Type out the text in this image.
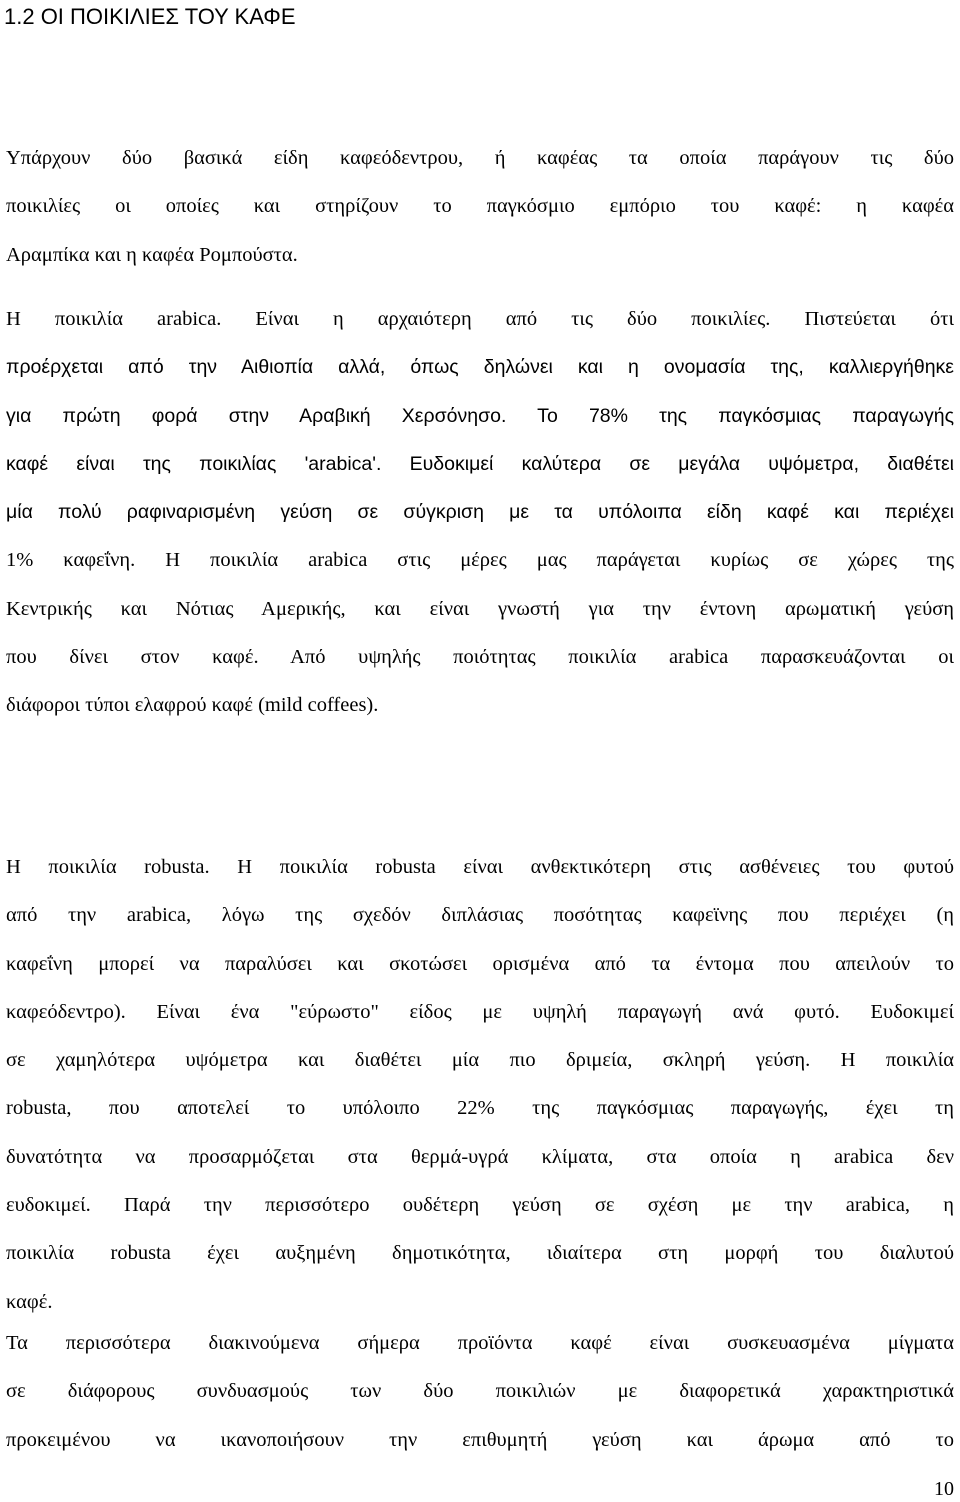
1.2 ΟΙ ΠΟΙΚΙΛΙΕΣ ΤΟΥ ΚΑΦΕ
Υπάρχουν δύο βασικά είδη καφεόδεντρου, ή καφέας τα οποία παράγουν τις δύο
ποικιλίες οι οποίες και στηρίζουν το παγκόσμιο εμπόριο του καφέ: η καφέα
Αραμπίκα και η καφέα Ρομπούστα.
Η ποικιλία arabica. Είναι η αρχαιότερη από τις δύο ποικιλίες. Πιστεύεται ότι
προέρχεται από την Αιθιοπία αλλά, όπως δηλώνει και η ονομασία της, καλλιεργήθηκε
για πρώτη φορά στην Αραβική Χερσόνησο. Το 78% της παγκόσμιας παραγωγής
καφέ είναι της ποικιλίας 'arabica'. Ευδοκιμεί καλύτερα σε μεγάλα υψόμετρα, διαθέτει
μία πολύ ραφιναρισμένη γεύση σε σύγκριση με τα υπόλοιπα είδη καφέ και περιέχει
1% καφεΐνη. Η ποικιλία arabica στις μέρες μας παράγεται κυρίως σε χώρες της
Κεντρικής και Νότιας Αμερικής, και είναι γνωστή για την έντονη αρωματική γεύση
που δίνει στον καφέ. Από υψηλής ποιότητας ποικιλία arabica παρασκευάζονται οι
διάφοροι τύποι ελαφρού καφέ (mild coffees).
Η ποικιλία robusta. Η ποικιλία robusta είναι ανθεκτικότερη στις ασθένειες του φυτού
από την arabica, λόγω της σχεδόν διπλάσιας ποσότητας καφεϊνης που περιέχει (η
καφεΐνη μπορεί να παραλύσει και σκοτώσει ορισμένα από τα έντομα που απειλούν το
καφεόδεντρο). Είναι ένα "εύρωστο" είδος με υψηλή παραγωγή ανά φυτό. Ευδοκιμεί
σε χαμηλότερα υψόμετρα και διαθέτει μία πιο δριμεία, σκληρή γεύση. Η ποικιλία
robusta, που αποτελεί το υπόλοιπο 22% της παγκόσμιας παραγωγής, έχει τη
δυνατότητα να προσαρμόζεται στα θερμά-υγρά κλίματα, στα οποία η arabica δεν
ευδοκιμεί. Παρά την περισσότερο ουδέτερη γεύση σε σχέση με την arabica, η
ποικιλία robusta έχει αυξημένη δημοτικότητα, ιδιαίτερα στη μορφή του διαλυτού
καφέ.
Τα περισσότερα διακινούμενα σήμερα προϊόντα καφέ είναι συσκευασμένα μίγματα
σε διάφορους συνδυασμούς των δύο ποικιλιών με διαφορετικά χαρακτηριστικά
προκειμένου να ικανοποιήσουν την επιθυμητή γεύση και άρωμα από το
10
